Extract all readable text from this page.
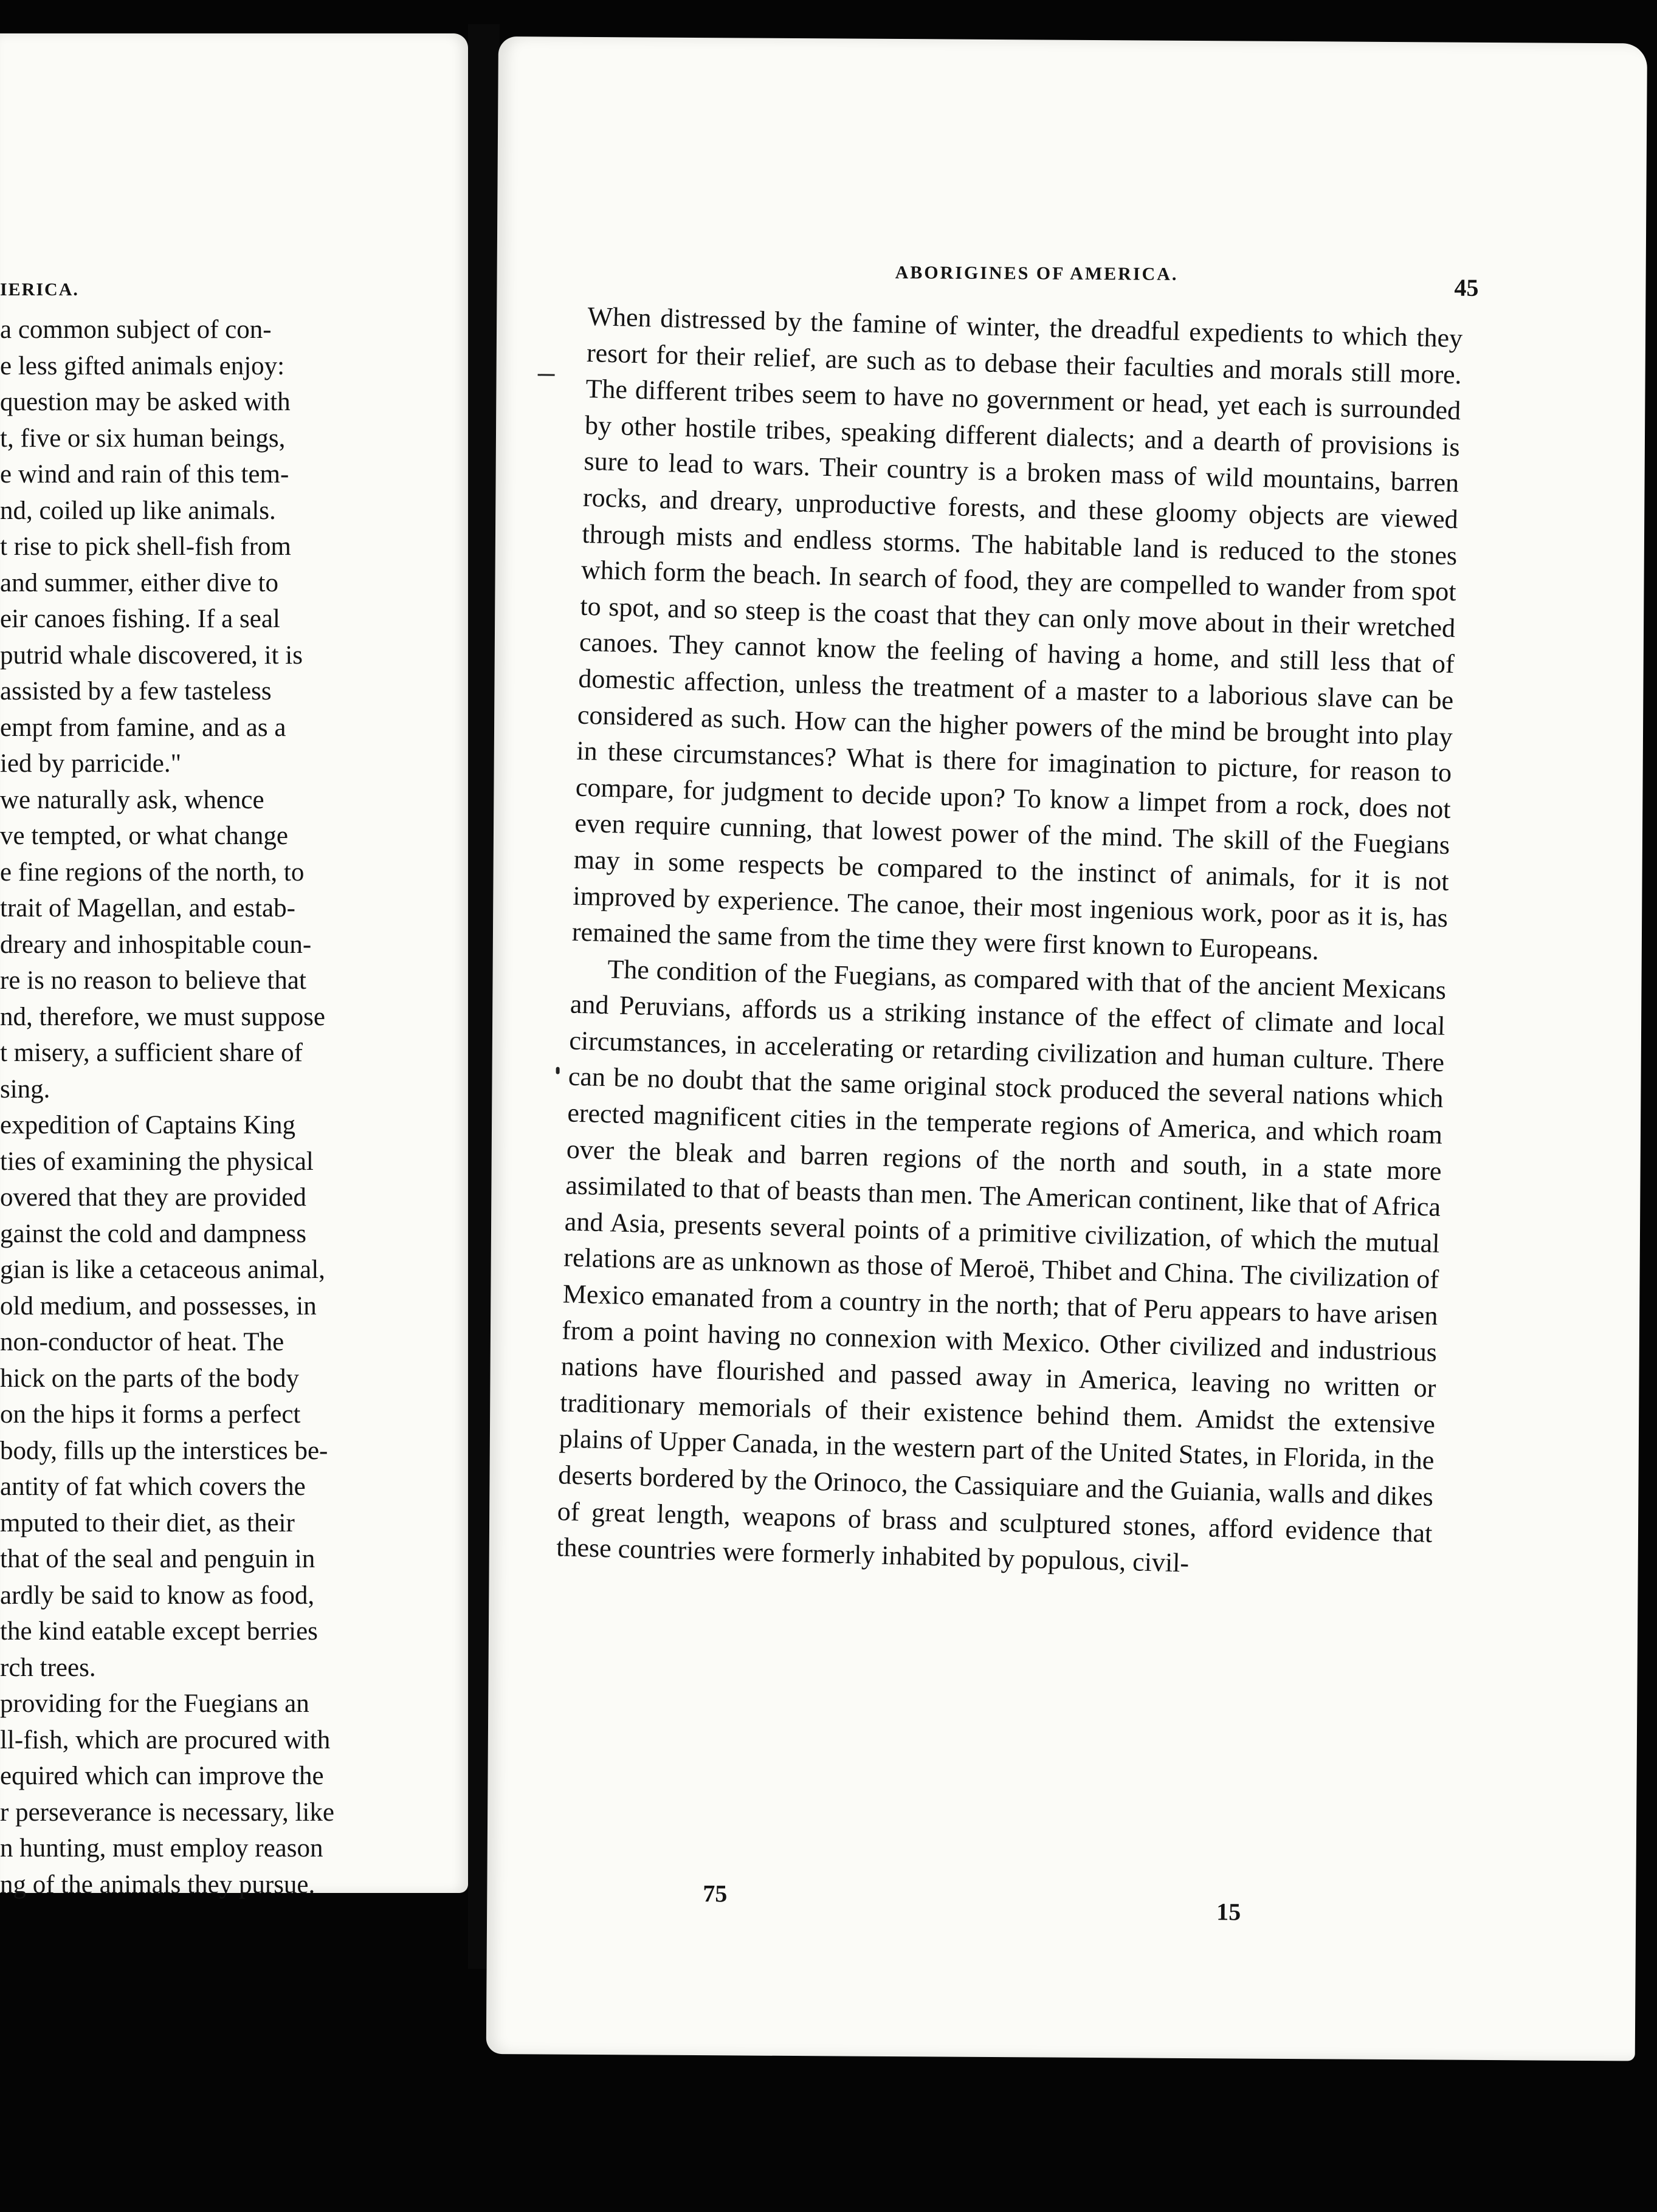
IERICA.
a common subject of con-
e less gifted animals enjoy:
question may be asked with
t, five or six human beings,
e wind and rain of this tem-
nd, coiled up like animals.
t rise to pick shell-fish from
and summer, either dive to
eir canoes fishing. If a seal
putrid whale discovered, it is
assisted by a few tasteless
empt from famine, and as a
ied by parricide."
we naturally ask, whence
ve tempted, or what change
e fine regions of the north, to
trait of Magellan, and estab-
dreary and inhospitable coun-
re is no reason to believe that
nd, therefore, we must suppose
t misery, a sufficient share of
sing.
expedition of Captains King
ties of examining the physical
overed that they are provided
gainst the cold and dampness
gian is like a cetaceous animal,
old medium, and possesses, in
non-conductor of heat. The
hick on the parts of the body
on the hips it forms a perfect
body, fills up the interstices be-
antity of fat which covers the
mputed to their diet, as their
that of the seal and penguin in
ardly be said to know as food,
the kind eatable except berries
rch trees.
providing for the Fuegians an
ll-fish, which are procured with
equired which can improve the
r perseverance is necessary, like
n hunting, must employ reason
ng of the animals they pursue.
ABORIGINES OF AMERICA.
45

When distressed by the famine of winter, the dreadful expedients to which they resort for their relief, are such as to debase their faculties and morals still more. The different tribes seem to have no government or head, yet each is surrounded by other hostile tribes, speaking different dialects; and a dearth of provisions is sure to lead to wars. Their country is a broken mass of wild mountains, barren rocks, and dreary, unproductive forests, and these gloomy objects are viewed through mists and endless storms. The habitable land is reduced to the stones which form the beach. In search of food, they are compelled to wander from spot to spot, and so steep is the coast that they can only move about in their wretched canoes. They cannot know the feeling of having a home, and still less that of domestic affection, unless the treatment of a master to a laborious slave can be considered as such. How can the higher powers of the mind be brought into play in these circumstances? What is there for imagination to picture, for reason to compare, for judgment to decide upon? To know a limpet from a rock, does not even require cunning, that lowest power of the mind. The skill of the Fuegians may in some respects be compared to the instinct of animals, for it is not improved by experience. The canoe, their most ingenious work, poor as it is, has remained the same from the time they were first known to Europeans.

The condition of the Fuegians, as compared with that of the ancient Mexicans and Peruvians, affords us a striking instance of the effect of climate and local circumstances, in accelerating or retarding civilization and human culture. There can be no doubt that the same original stock produced the several nations which erected magnificent cities in the temperate regions of America, and which roam over the bleak and barren regions of the north and south, in a state more assimilated to that of beasts than men. The American continent, like that of Africa and Asia, presents several points of a primitive civilization, of which the mutual relations are as unknown as those of Meroë, Thibet and China. The civilization of Mexico emanated from a country in the north; that of Peru appears to have arisen from a point having no connexion with Mexico. Other civilized and industrious nations have flourished and passed away in America, leaving no written or traditionary memorials of their existence behind them. Amidst the extensive plains of Upper Canada, in the western part of the United States, in Florida, in the deserts bordered by the Orinoco, the Cassiquiare and the Guiania, walls and dikes of great length, weapons of brass and sculptured stones, afford evidence that these countries were formerly inhabited by populous, civil-

75
15
